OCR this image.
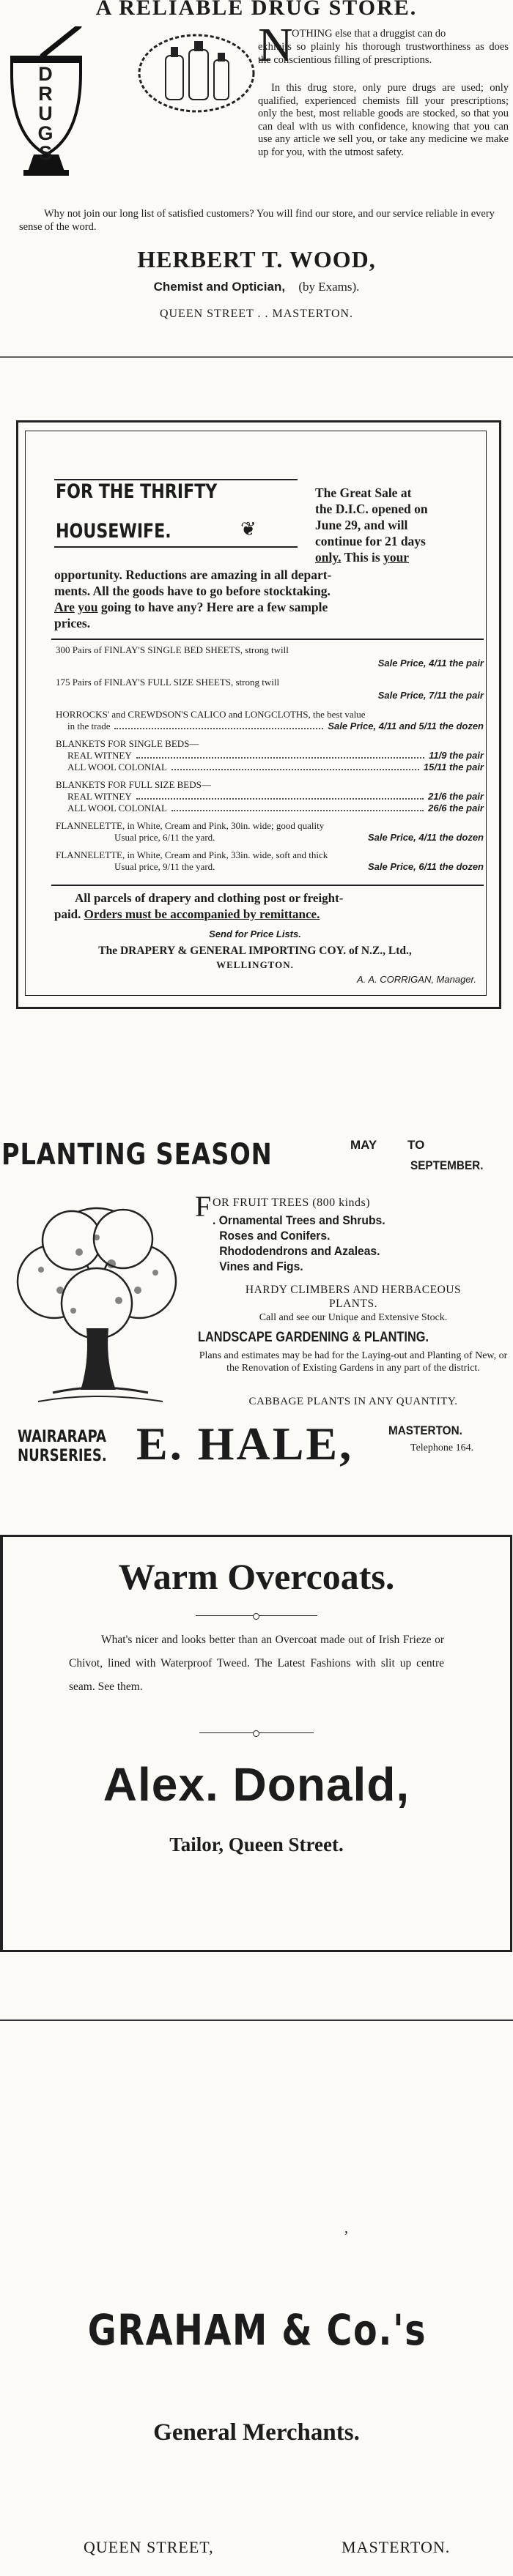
A RELIABLE DRUG STORE.
DRUGS
N
OTHING else that a druggist can do
exhibits so plainly his thorough trustworthiness as does the conscientious filling of prescriptions.
In this drug store, only pure drugs are used; only qualified, experienced chemists fill your prescriptions; only the best, most reliable goods are stocked, so that you can deal with us with confidence, knowing that you can use any article we sell you, or take any medicine we make up for you, with the utmost safety.
Why not join our long list of satisfied customers? You will find our store, and our service reliable in every sense of the word.
HERBERT T. WOOD,
Chemist and Optician, (by Exams).
QUEEN STREET . . MASTERTON.
FOR THE THRIFTY
HOUSEWIFE.	❦
The Great Sale at
the D.I.C. opened on
June 29, and will
continue for 21 days
only. This is your
opportunity. Reductions are amazing in all depart-
ments. All the goods have to go before stocktaking.
Are you going to have any? Here are a few sample
prices.
300 Pairs of FINLAY'S SINGLE BED SHEETS, strong twill
Sale Price, 4/11 the pair
175 Pairs of FINLAY'S FULL SIZE SHEETS, strong twill
Sale Price, 7/11 the pair
HORROCKS' and CREWDSON'S CALICO and LONGCLOTHS, the best value
in the trade	Sale Price, 4/11 and 5/11 the dozen
BLANKETS FOR SINGLE BEDS—
REAL WITNEY	11/9 the pair
ALL WOOL COLONIAL	15/11 the pair
BLANKETS FOR FULL SIZE BEDS—
REAL WITNEY	21/6 the pair
ALL WOOL COLONIAL	26/6 the pair
FLANNELETTE, in White, Cream and Pink, 30in. wide; good quality
Usual price, 6/11 the yard.	Sale Price, 4/11 the dozen
FLANNELETTE, in White, Cream and Pink, 33in. wide, soft and thick
Usual price, 9/11 the yard.	Sale Price, 6/11 the dozen
All parcels of drapery and clothing post or freight-
paid. Orders must be accompanied by remittance.
Send for Price Lists.
The DRAPERY & GENERAL IMPORTING COY. of N.Z., Ltd.,
WELLINGTON.
A. A. CORRIGAN, Manager.
PLANTING SEASON	MAY TO
SEPTEMBER.
F OR FRUIT TREES (800 kinds)
. Ornamental Trees and Shrubs.
Roses and Conifers.
Rhododendrons and Azaleas.
Vines and Figs.
HARDY CLIMBERS AND HERBACEOUS
PLANTS.
Call and see our Unique and Extensive Stock.
LANDSCAPE GARDENING & PLANTING.
Plans and estimates may be had for the Laying-out and Planting of New, or the Renovation of Existing Gardens in any part of the district.
CABBAGE PLANTS IN ANY QUANTITY.
WAIRARAPA
NURSERIES. E. HALE,	MASTERTON.
Telephone 164.
Warm Overcoats.
What's nicer and looks better than an Overcoat made out of Irish Frieze or Chivot, lined with Waterproof Tweed. The Latest Fashions with slit up centre seam. See them.
Alex. Donald,
Tailor, Queen Street.
,
GRAHAM & Co.'s
General Merchants.
QUEEN STREET,	MASTERTON.
